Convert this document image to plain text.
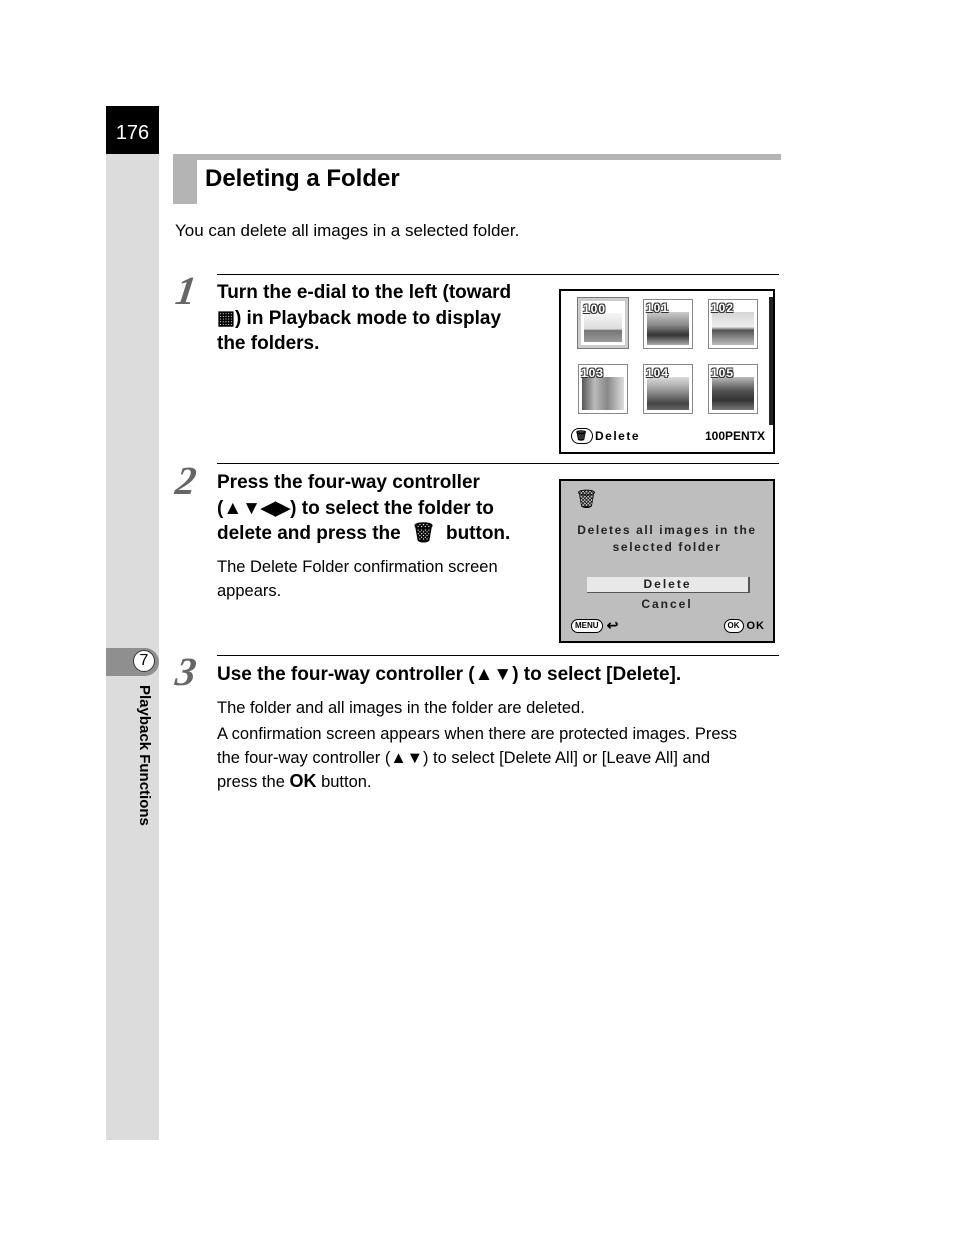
176
7
Playback Functions
Deleting a Folder

You can delete all images in a selected folder.

1 Turn the e-dial to the left (toward
▦) in Playback mode to display
the folders.

100	101	102
103	104	105
🗑 Delete	100PENTX
2 Press the four-way controller
(▲▼◀▶) to select the folder to
delete and press the  🗑  button.

The Delete Folder confirmation screen
appears.

🗑
Deletes all images in the
selected folder
Delete
Cancel
MENU ↩	OK OK
3 Use the four-way controller (▲▼) to select [Delete].

The folder and all images in the folder are deleted.

A confirmation screen appears when there are protected images. Press
the four-way controller (▲▼) to select [Delete All] or [Leave All] and
press the OK button.
